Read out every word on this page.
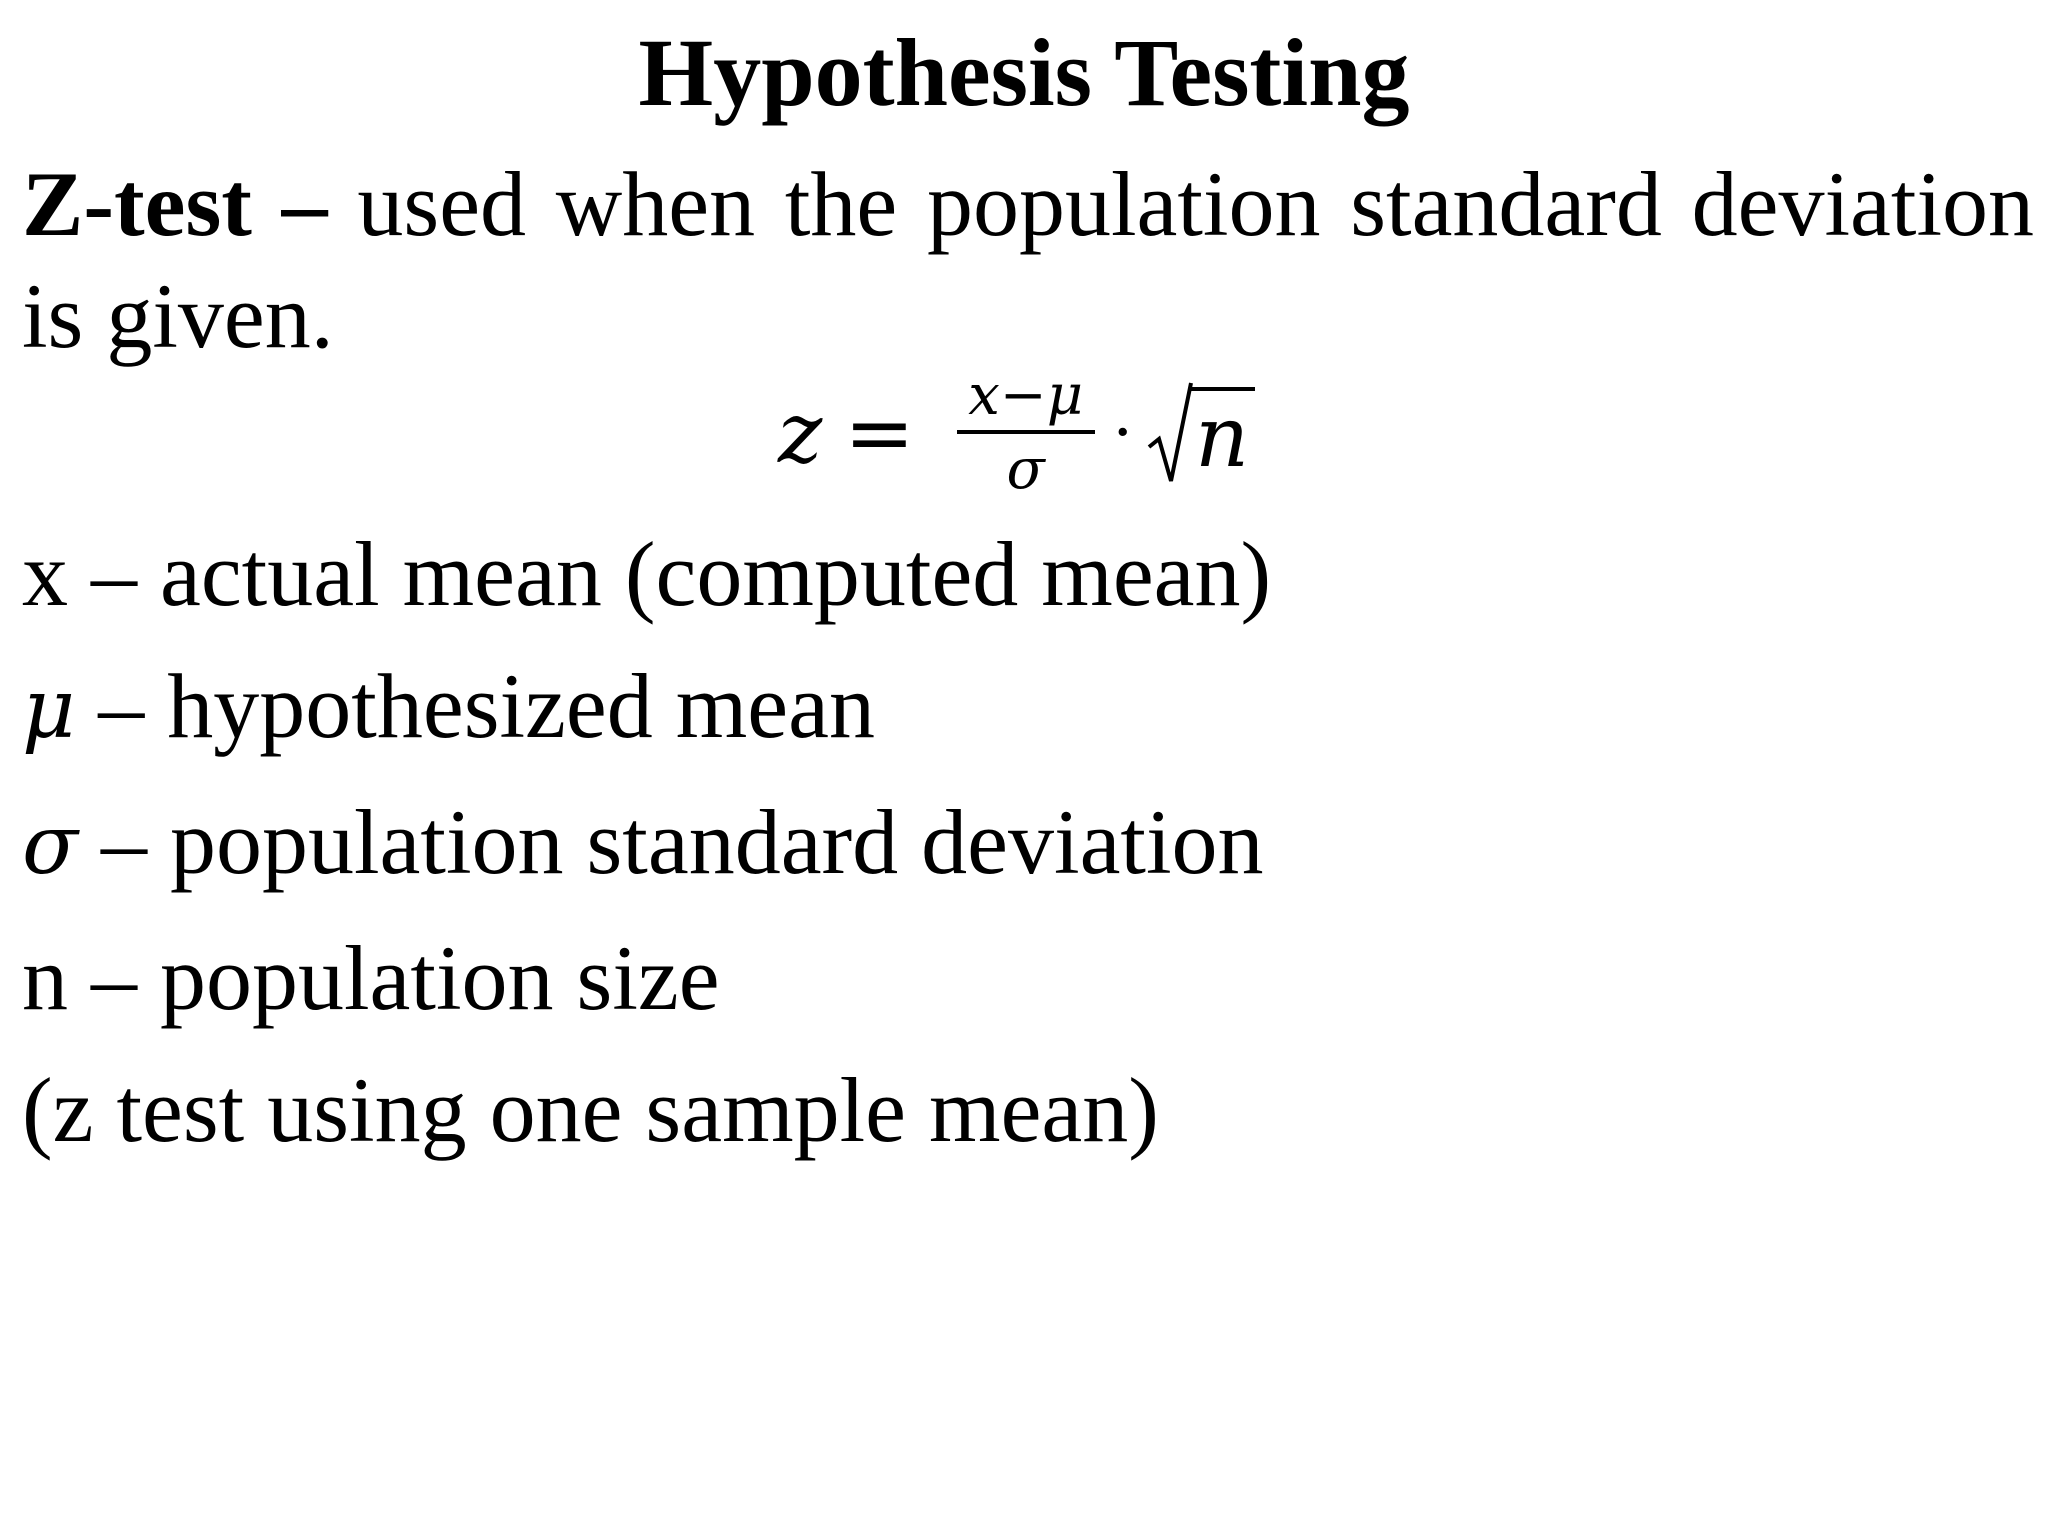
Hypothesis Testing
Z-test – used when the population standard deviation is given.
$z = \frac{x-\mu}{\sigma} \cdot n$
x – actual mean (computed mean)
μ – hypothesized mean
σ – population standard deviation
n – population size
(z test using one sample mean)
